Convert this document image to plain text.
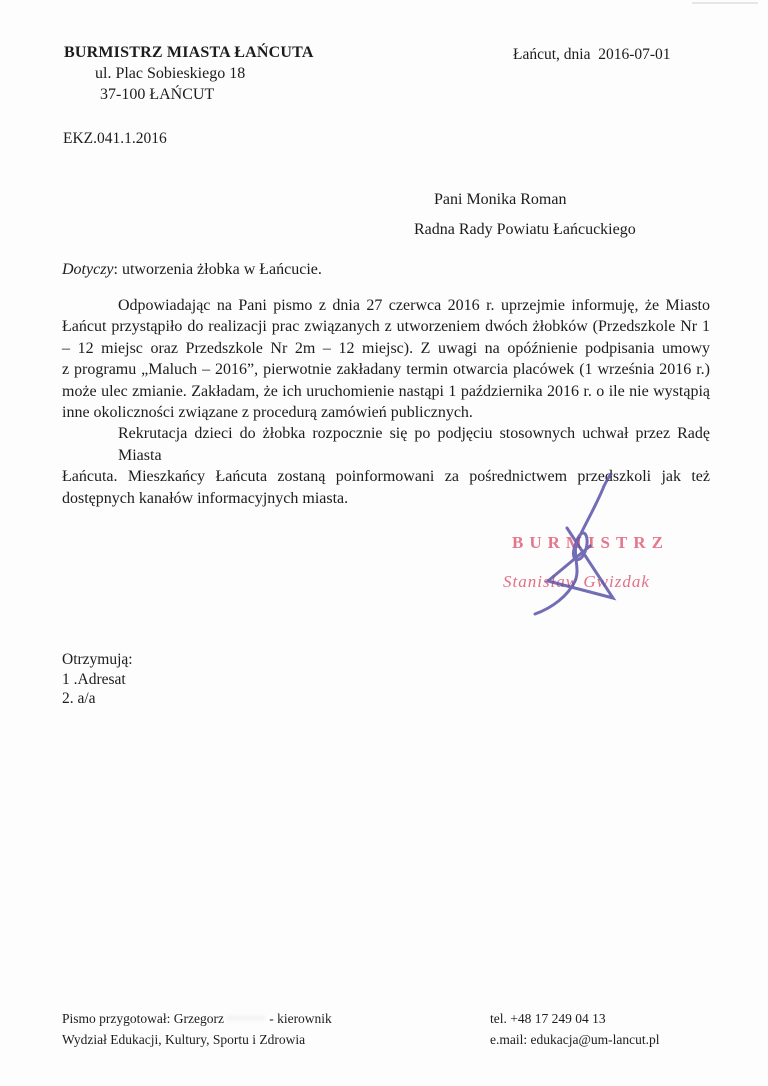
BURMISTRZ MIASTA ŁAŃCUTA
ul. Plac Sobieskiego 18
37-100 ŁAŃCUT
Łańcut, dnia  2016-07-01
EKZ.041.1.2016
Pani Monika Roman
Radna Rady Powiatu Łańcuckiego
Dotyczy: utworzenia żłobka w Łańcucie.
Odpowiadając na Pani pismo z dnia 27 czerwca 2016 r. uprzejmie informuję, że Miasto
Łańcut przystąpiło do realizacji prac związanych z utworzeniem dwóch żłobków (Przedszkole Nr 1
– 12 miejsc oraz Przedszkole Nr 2m – 12 miejsc). Z uwagi na opóźnienie podpisania umowy
z programu „Maluch – 2016”, pierwotnie zakładany termin otwarcia placówek (1 września 2016 r.)
może ulec zmianie. Zakładam, że ich uruchomienie nastąpi 1 października 2016 r. o ile nie wystąpią
inne okoliczności związane z procedurą zamówień publicznych.
Rekrutacja dzieci do żłobka rozpocznie się po podjęciu stosownych uchwał przez Radę Miasta
Łańcuta. Mieszkańcy Łańcuta zostaną poinformowani za pośrednictwem przedszkoli jak też
dostępnych kanałów informacyjnych miasta.
BURMISTRZ
Stanisław Gwizdak
Otrzymują:
1 .Adresat
2. a/a
Pismo przygotował: Grzegorz ······· - kierownik
Wydział Edukacji, Kultury, Sportu i Zdrowia
tel. +48 17 249 04 13
e.mail: edukacja@um-lancut.pl
